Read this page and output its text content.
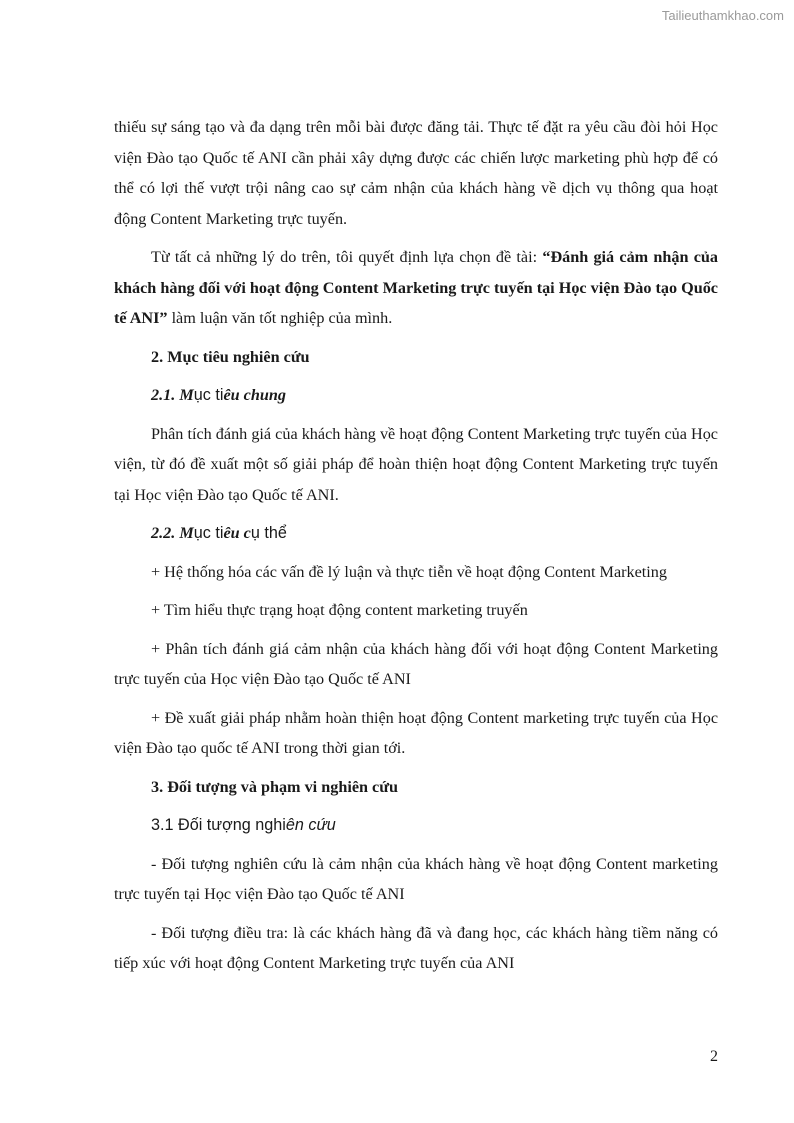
Tailieuthamkhao.com

thiếu sự sáng tạo và đa dạng trên mỗi bài được đăng tải. Thực tế đặt ra yêu cầu đòi hỏi Học viện Đào tạo Quốc tế ANI cần phải xây dựng được các chiến lược marketing phù hợp để có thể có lợi thế vượt trội nâng cao sự cảm nhận của khách hàng về dịch vụ thông qua hoạt động Content Marketing trực tuyến.

Từ tất cả những lý do trên, tôi quyết định lựa chọn đề tài: “Đánh giá cảm nhận của khách hàng đối với hoạt động Content Marketing trực tuyến tại Học viện Đào tạo Quốc tế ANI” làm luận văn tốt nghiệp của mình.

2. Mục tiêu nghiên cứu

2.1. Mục tiêu chung

Phân tích đánh giá của khách hàng về hoạt động Content Marketing trực tuyến của Học viện, từ đó đề xuất một số giải pháp để hoàn thiện hoạt động Content Marketing trực tuyến tại Học viện Đào tạo Quốc tế ANI.

2.2. Mục tiêu cụ thể

+ Hệ thống hóa các vấn đề lý luận và thực tiễn về hoạt động Content Marketing

+ Tìm hiểu thực trạng hoạt động content marketing truyến

+ Phân tích đánh giá cảm nhận của khách hàng đối với hoạt động Content Marketing trực tuyến của Học viện Đào tạo Quốc tế ANI

+ Đề xuất giải pháp nhằm hoàn thiện hoạt động Content marketing trực tuyến của Học viện Đào tạo quốc tế ANI trong thời gian tới.

3. Đối tượng và phạm vi nghiên cứu

3.1 Đối tượng nghiên cứu

- Đối tượng nghiên cứu là cảm nhận của khách hàng về hoạt động Content marketing trực tuyến tại Học viện Đào tạo Quốc tế ANI

- Đối tượng điều tra: là các khách hàng đã và đang học, các khách hàng tiềm năng có tiếp xúc với hoạt động Content Marketing trực tuyến của ANI

2
